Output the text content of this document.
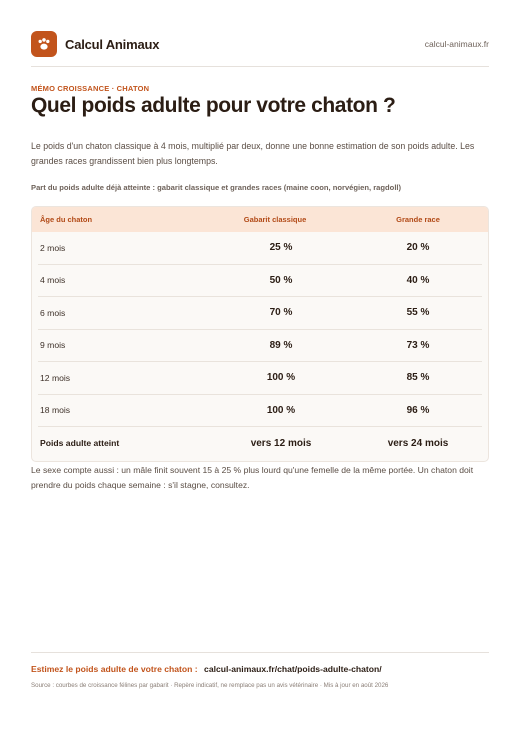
Calcul Animaux	calcul-animaux.fr
MÉMO CROISSANCE · CHATON
Quel poids adulte pour votre chaton ?

Le poids d'un chaton classique à 4 mois, multiplié par deux, donne une bonne estimation de son poids adulte. Les grandes races grandissent bien plus longtemps.

Part du poids adulte déjà atteinte : gabarit classique et grandes races (maine coon, norvégien, ragdoll)
Âge du chaton	Gabarit classique	Grande race
2 mois	25 %	20 %
4 mois	50 %	40 %
6 mois	70 %	55 %
9 mois	89 %	73 %
12 mois	100 %	85 %
18 mois	100 %	96 %
Poids adulte atteint	vers 12 mois	vers 24 mois

Le sexe compte aussi : un mâle finit souvent 15 à 25 % plus lourd qu'une femelle de la même portée. Un chaton doit prendre du poids chaque semaine : s'il stagne, consultez.

Estimez le poids adulte de votre chaton : calcul-animaux.fr/chat/poids-adulte-chaton/
Source : courbes de croissance félines par gabarit · Repère indicatif, ne remplace pas un avis vétérinaire · Mis à jour en août 2026
